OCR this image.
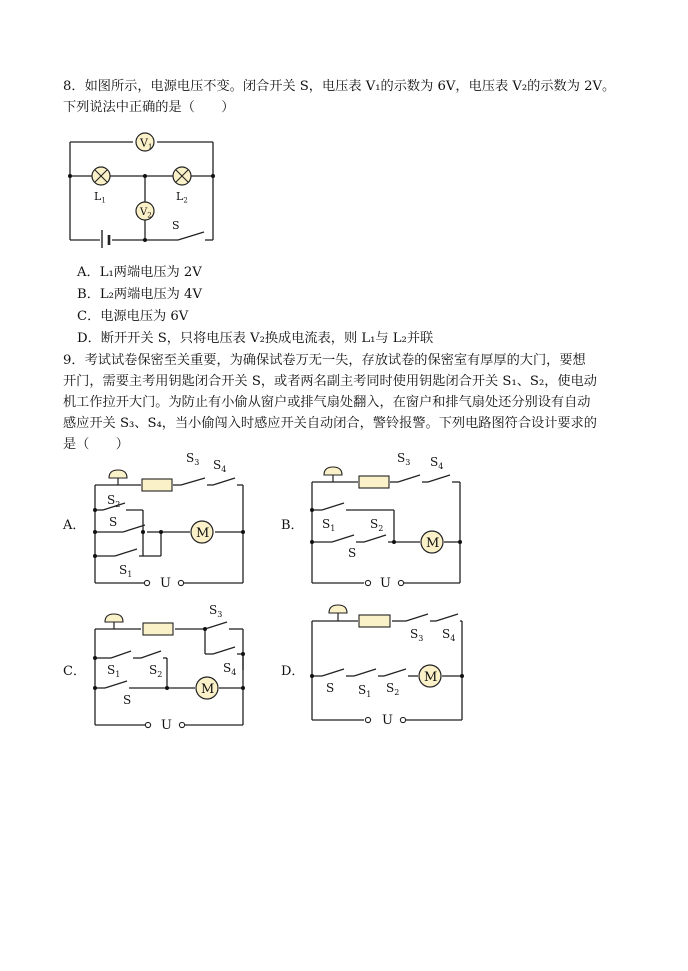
8．如图所示，电源电压不变。闭合开关 S，电压表 V₁的示数为 6V，电压表 V₂的示数为 2V。
下列说法中正确的是（　　）
$V_1$
$V_2$
$L_1$	$L_2$
S
A．L₁两端电压为 2V
B．L₂两端电压为 4V
C．电源电压为 6V
D．断开开关 S，只将电压表 V₂换成电流表，则 L₁与 L₂并联
9．考试试卷保密至关重要，为确保试卷万无一失，存放试卷的保密室有厚厚的大门，要想
开门，需要主考用钥匙闭合开关 S，或者两名副主考同时使用钥匙闭合开关 S₁、S₂，使电动
机工作拉开大门。为防止有小偷从窗户或排气扇处翻入，在窗户和排气扇处还分别设有自动
感应开关 S₃、S₄，当小偷闯入时感应开关自动闭合，警铃报警。下列电路图符合设计要求的
是（　　）
A．	B．
C．	D．
M
U
$S_3$ $S_4$
$S_2$
S
$S_1$
M
U
$S_3$ $S_4$
$S_1$	$S_2$
S
M
U
$S_3$
$S_4$
$S_1$ $S_2$
S
M
U
$S_3$ $S_4$
S $S_1$ $S_2$
